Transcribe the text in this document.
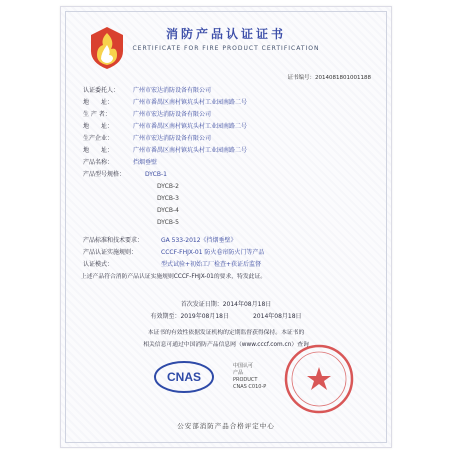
消防产品认证证书
CERTIFICATE FOR FIRE PRODUCT CERTIFICATION
证书编号：2014081801001188
认证委托人： 广州市宏达消防设备有限公司
地　　址：	广州市番禺区南村镇坑头村工业园南路二号
生 产 者：	广州市宏达消防设备有限公司
地　　址：	广州市番禺区南村镇坑头村工业园南路二号
生产企业：	广州市宏达消防设备有限公司
地　　址：	广州市番禺区南村镇坑头村工业园南路二号
产品名称：	挡烟垂壁
产品型号规格：	DYCB-1
DYCB-2
DYCB-3
DYCB-4
DYCB-5
产品标准和技术要求：	GA 533-2012《挡烟垂壁》
产品认证实施规则：	CCCF-FHJX-01 防火卷帘防火门等产品
认证模式：	型式试验+初始工厂检查+获证后监督
上述产品符合消防产品认证实施规则CCCF-FHJX-01的要求，特发此证。
首次发证日期：2014年08月18日
有效期至：2019年08月18日　　　　2014年08月18日
本证书的有效性依据发证机构的定期监督获得保持。本证书的
相关信息可通过中国消防产品信息网（www.cccf.com.cn）查询
CNAS
中国认可
产品
PRODUCT
CNAS C010-P
公安部消防产品合格评定中心
